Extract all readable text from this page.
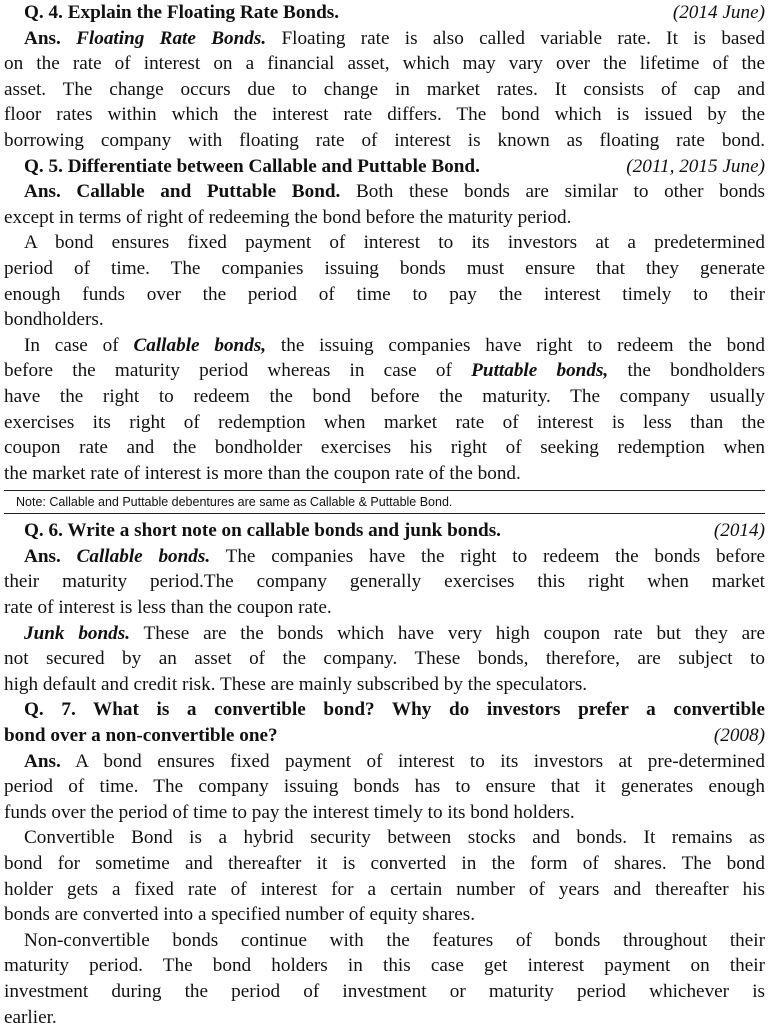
Q. 4. Explain the Floating Rate Bonds.	(2014 June)
Ans. Floating Rate Bonds. Floating rate is also called variable rate. It is based
on the rate of interest on a financial asset, which may vary over the lifetime of the
asset. The change occurs due to change in market rates. It consists of cap and
floor rates within which the interest rate differs. The bond which is issued by the
borrowing company with floating rate of interest is known as floating rate bond.
Q. 5. Differentiate between Callable and Puttable Bond.	(2011, 2015 June)
Ans. Callable and Puttable Bond. Both these bonds are similar to other bonds
except in terms of right of redeeming the bond before the maturity period.
A bond ensures fixed payment of interest to its investors at a predetermined
period of time. The companies issuing bonds must ensure that they generate
enough funds over the period of time to pay the interest timely to their
bondholders.
In case of Callable bonds, the issuing companies have right to redeem the bond
before the maturity period whereas in case of Puttable bonds, the bondholders
have the right to redeem the bond before the maturity. The company usually
exercises its right of redemption when market rate of interest is less than the
coupon rate and the bondholder exercises his right of seeking redemption when
the market rate of interest is more than the coupon rate of the bond.
Note: Callable and Puttable debentures are same as Callable & Puttable Bond.
Q. 6. Write a short note on callable bonds and junk bonds.	(2014)
Ans. Callable bonds. The companies have the right to redeem the bonds before
their maturity period.The company generally exercises this right when market
rate of interest is less than the coupon rate.
Junk bonds. These are the bonds which have very high coupon rate but they are
not secured by an asset of the company. These bonds, therefore, are subject to
high default and credit risk. These are mainly subscribed by the speculators.
Q. 7. What is a convertible bond? Why do investors prefer a convertible
bond over a non-convertible one?	(2008)
Ans. A bond ensures fixed payment of interest to its investors at pre-determined
period of time. The company issuing bonds has to ensure that it generates enough
funds over the period of time to pay the interest timely to its bond holders.
Convertible Bond is a hybrid security between stocks and bonds. It remains as
bond for sometime and thereafter it is converted in the form of shares. The bond
holder gets a fixed rate of interest for a certain number of years and thereafter his
bonds are converted into a specified number of equity shares.
Non-convertible bonds continue with the features of bonds throughout their
maturity period. The bond holders in this case get interest payment on their
investment during the period of investment or maturity period whichever is
earlier.
